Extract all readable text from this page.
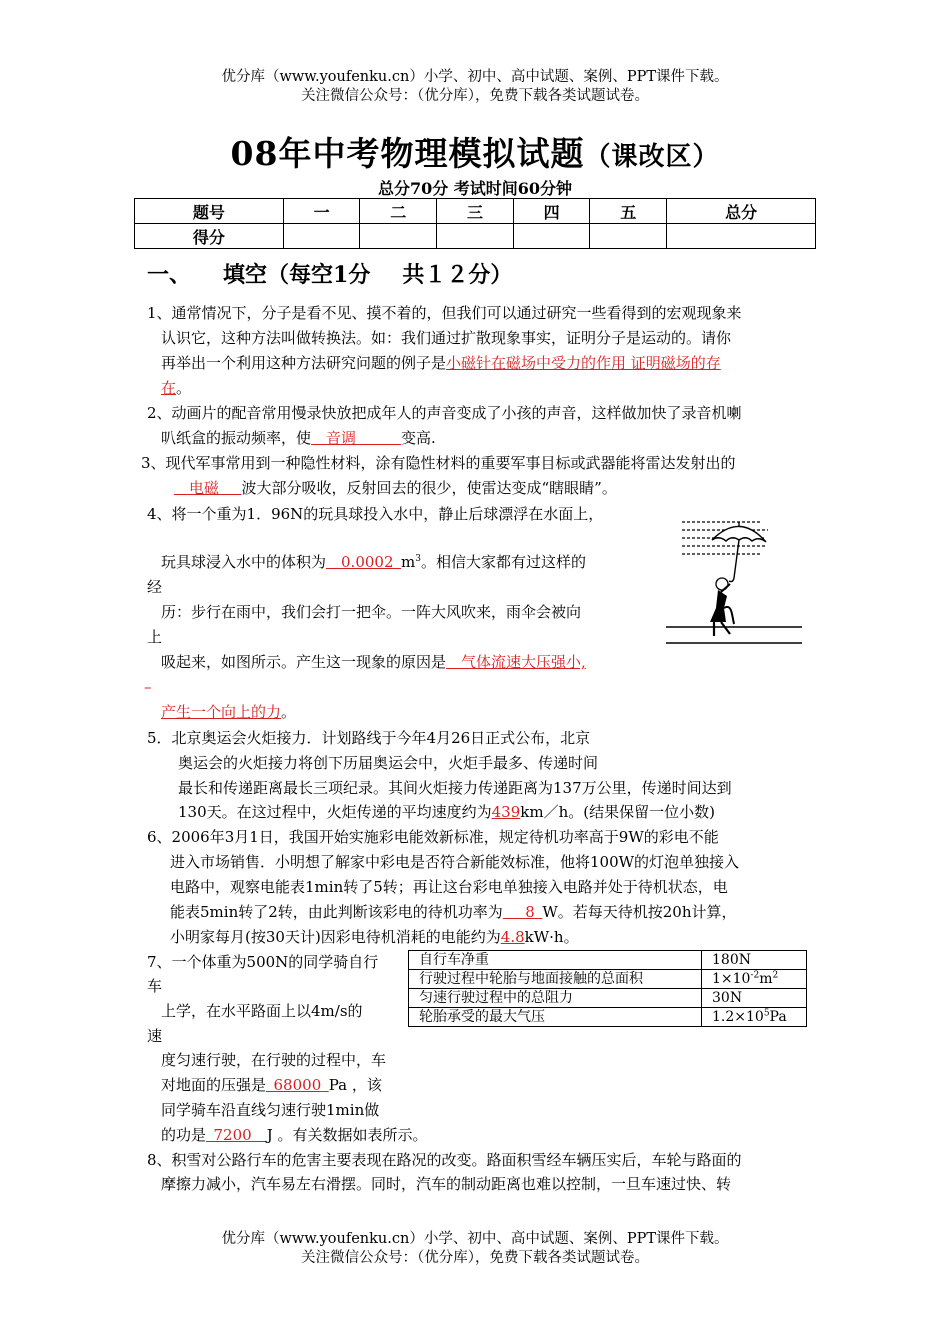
优分库（www.youfenku.cn）小学、初中、高中试题、案例、PPT课件下载。
关注微信公众号：（优分库），免费下载各类试题试卷。
08年中考物理模拟试题（课改区）
总分70分 考试时间60分钟
题号	一	二	三	四	五	总分
得分						
一、 填空（每空1分 共１２分）
1、通常情况下，分子是看不见、摸不着的，但我们可以通过研究一些看得到的宏观现象来
认识它，这种方法叫做转换法。如：我们通过扩散现象事实，证明分子是运动的。请你
再举出一个利用这种方法研究问题的例子是小磁针在磁场中受力的作用 证明磁场的存
在。
2、动画片的配音常用慢录快放把成年人的声音变成了小孩的声音，这样做加快了录音机喇
叭纸盒的振动频率，使   音调      	变高.
3、现代军事常用到一种隐性材料，涂有隐性材料的重要军事目标或武器能将雷达发射出的
  电磁    波大部分吸收，反射回去的很少，使雷达变成“瞎眼睛”。
4、将一个重为1．96N的玩具球投入水中，静止后球漂浮在水面上，
玩具球浸入水中的体积为   0.0002  $m^3$。相信大家都有过这样的
经
历：步行在雨中，我们会打一把伞。一阵大风吹来，雨伞会被向
上
吸起来，如图所示。产生这一现象的原因是   气体流速大压强小,
–
产生一个向上的力。
5．北京奥运会火炬接力．计划路线于今年4月26日正式公布，北京
奥运会的火炬接力将创下历届奥运会中，火炬手最多、传递时间
最长和传递距离最长三项纪录。其间火炬接力传递距离为137万公里，传递时间达到
130天。在这过程中，火炬传递的平均速度约为439km／h。(结果保留一位小数)
6、2006年3月1日，我国开始实施彩电能效新标准，规定待机功率高于9W的彩电不能
进入市场销售．小明想了解家中彩电是否符合新能效标准，他将100W的灯泡单独接入
电路中，观察电能表1min转了5转；再让这台彩电单独接入电路并处于待机状态，电
能表5min转了2转，由此判断该彩电的待机功率为    8  W。若每天待机按20h计算，
小明家每月(按30天计)因彩电待机消耗的电能约为4.8kW·h。
7、一个体重为500N的同学骑自行
车
上学，在水平路面上以4m/s的
速
度匀速行驶，在行驶的过程中，车
对地面的压强是  68000  Pa ，该
同学骑车沿直线匀速行驶1min做
的功是  7200   J 。有关数据如表所示。
自行车净重	180N
行驶过程中轮胎与地面接触的总面积	$1\times 10^{-2}m^2$
匀速行驶过程中的总阻力	30N
轮胎承受的最大气压	$1.2\times 10^5Pa$
8、积雪对公路行车的危害主要表现在路况的改变。路面积雪经车辆压实后，车轮与路面的
摩擦力减小，汽车易左右滑摆。同时，汽车的制动距离也难以控制，一旦车速过快、转
优分库（www.youfenku.cn）小学、初中、高中试题、案例、PPT课件下载。
关注微信公众号：（优分库），免费下载各类试题试卷。
